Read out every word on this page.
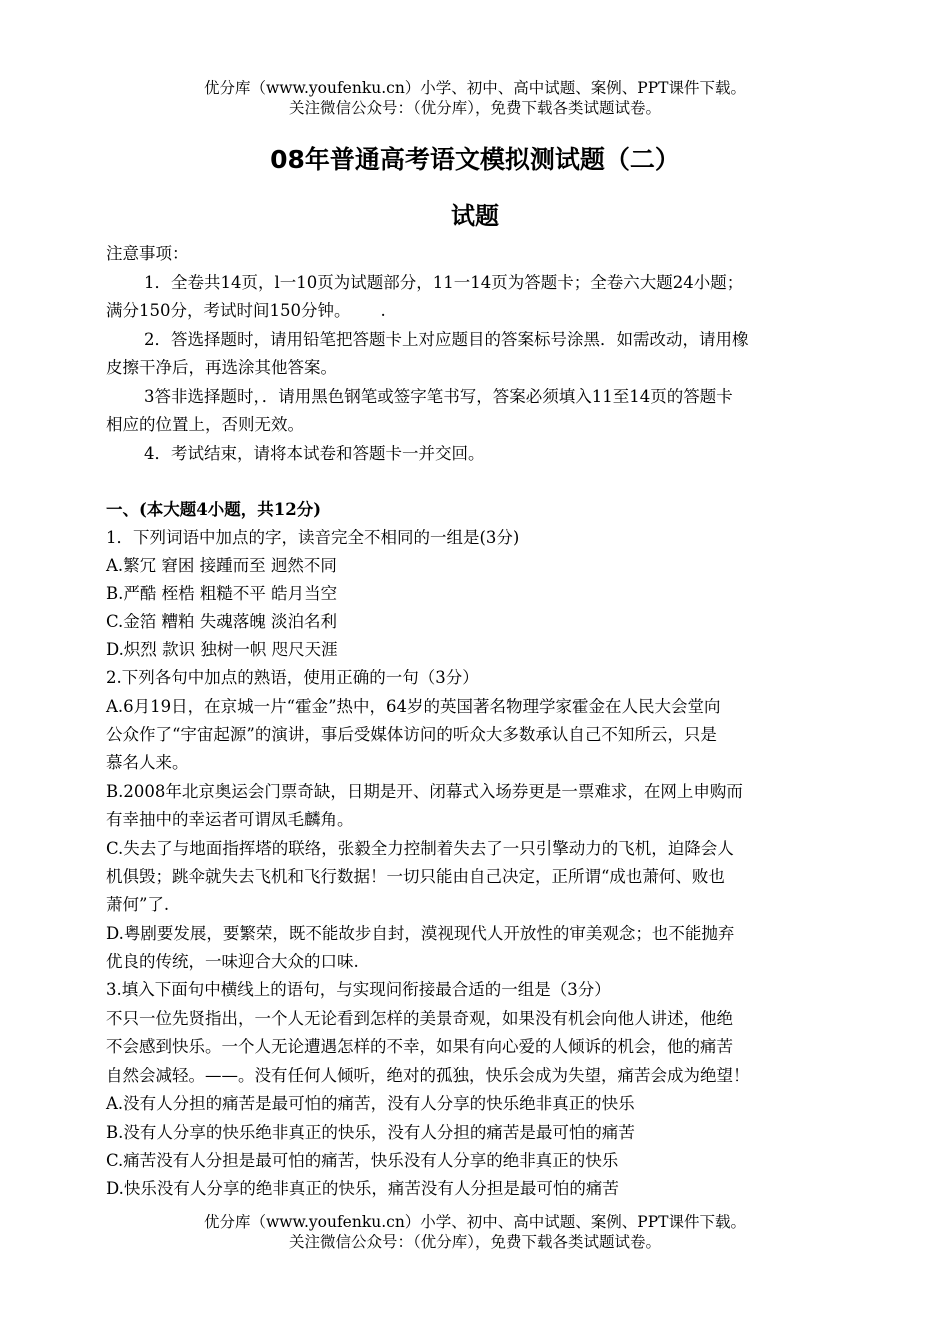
优分库（www.youfenku.cn）小学、初中、高中试题、案例、PPT课件下载。
关注微信公众号：（优分库），免费下载各类试题试卷。
08年普通高考语文模拟测试题（二）
试题
注意事项：
1．全卷共14页，l一10页为试题部分，11一14页为答题卡；全卷六大题24小题；
满分150分，考试时间150分钟。　　 .
2．答选择题时，请用铅笔把答题卡上对应题目的答案标号涂黑．如需改动，请用橡
皮擦干净后，再选涂其他答案。
3答非选择题时，．请用黑色钢笔或签字笔书写，答案必须填入11至14页的答题卡
相应的位置上，否则无效。
4．考试结束，请将本试卷和答题卡一并交回。
一、(本大题4小题，共12分)
1．下列词语中加点的字，读音完全不相同的一组是(3分)
A.繁冗 窘困 接踵而至 迥然不同
B.严酷 桎梏 粗糙不平 皓月当空
C.金箔 糟粕 失魂落魄 淡泊名利
D.炽烈 款识 独树一帜 咫尺天涯
2.下列各句中加点的熟语，使用正确的一句（3分）
A.6月19日，在京城一片“霍金”热中，64岁的英国著名物理学家霍金在人民大会堂向
公众作了“宇宙起源”的演讲，事后受媒体访问的听众大多数承认自己不知所云，只是
慕名人来。
B.2008年北京奥运会门票奇缺，日期是开、闭幕式入场券更是一票难求，在网上申购而
有幸抽中的幸运者可谓凤毛麟角。
C.失去了与地面指挥塔的联络，张毅全力控制着失去了一只引擎动力的飞机，迫降会人
机俱毁；跳伞就失去飞机和飞行数据！一切只能由自己决定，正所谓“成也萧何、败也
萧何”了.
D.粤剧要发展，要繁荣，既不能故步自封，漠视现代人开放性的审美观念；也不能抛弃
优良的传统，一味迎合大众的口味.
3.填入下面句中横线上的语句，与实现问衔接最合适的一组是（3分）
不只一位先贤指出，一个人无论看到怎样的美景奇观，如果没有机会向他人讲述，他绝
不会感到快乐。一个人无论遭遇怎样的不幸，如果有向心爱的人倾诉的机会，他的痛苦
自然会减轻。——。没有任何人倾听，绝对的孤独，快乐会成为失望，痛苦会成为绝望！
A.没有人分担的痛苦是最可怕的痛苦，没有人分享的快乐绝非真正的快乐
B.没有人分享的快乐绝非真正的快乐，没有人分担的痛苦是最可怕的痛苦
C.痛苦没有人分担是最可怕的痛苦，快乐没有人分享的绝非真正的快乐
D.快乐没有人分享的绝非真正的快乐，痛苦没有人分担是最可怕的痛苦
优分库（www.youfenku.cn）小学、初中、高中试题、案例、PPT课件下载。
关注微信公众号：（优分库），免费下载各类试题试卷。
